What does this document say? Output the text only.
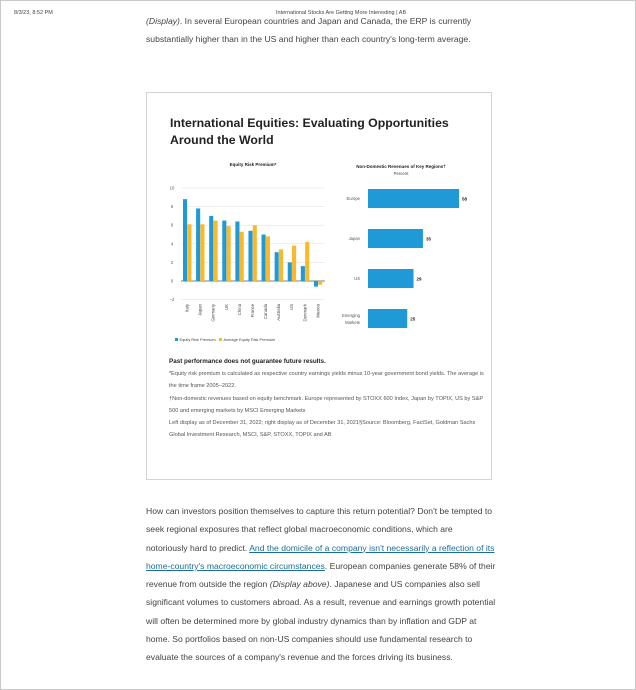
8/3/23, 8:52 PM	International Stocks Are Getting More Interesting | AB
(Display). In several European countries and Japan and Canada, the ERP is currently substantially higher than in the US and higher than each country's long-term average.
International Equities: Evaluating Opportunities Around the World
Equity Risk Premium*
10
8
6
4
2
0
−2
Italy Japan Germany UK China France Canada Australia US Denmark Mexico
Equity Risk Premium Average Equity Risk Premium
Non-Domestic Revenues of Key Regions†
Percent
58
Europe
35
Japan
29
US
25
Emerging
Markets
Past performance does not guarantee future results.
*Equity risk premium is calculated as respective country earnings yields minus 10-year government bond yields. The average is the time frame 2005–2022.
†Non-domestic revenues based on equity benchmark. Europe represented by STOXX 600 Index, Japan by TOPIX, US by S&P 500 and emerging markets by MSCI Emerging Markets
Left display as of December 31, 2022; right display as of December 31, 2021§Source: Bloomberg, FactSet, Goldman Sachs Global Investment Research, MSCI, S&P, STOXX, TOPIX and AB
How can investors position themselves to capture this return potential? Don't be tempted to seek regional exposures that reflect global macroeconomic conditions, which are notoriously hard to predict. And the domicile of a company isn't necessarily a reflection of its home-country's macroeconomic circumstances. European companies generate 58% of their revenue from outside the region (Display above). Japanese and US companies also sell significant volumes to customers abroad. As a result, revenue and earnings growth potential will often be determined more by global industry dynamics than by inflation and GDP at home. So portfolios based on non-US companies should use fundamental research to evaluate the sources of a company's revenue and the forces driving its business.
